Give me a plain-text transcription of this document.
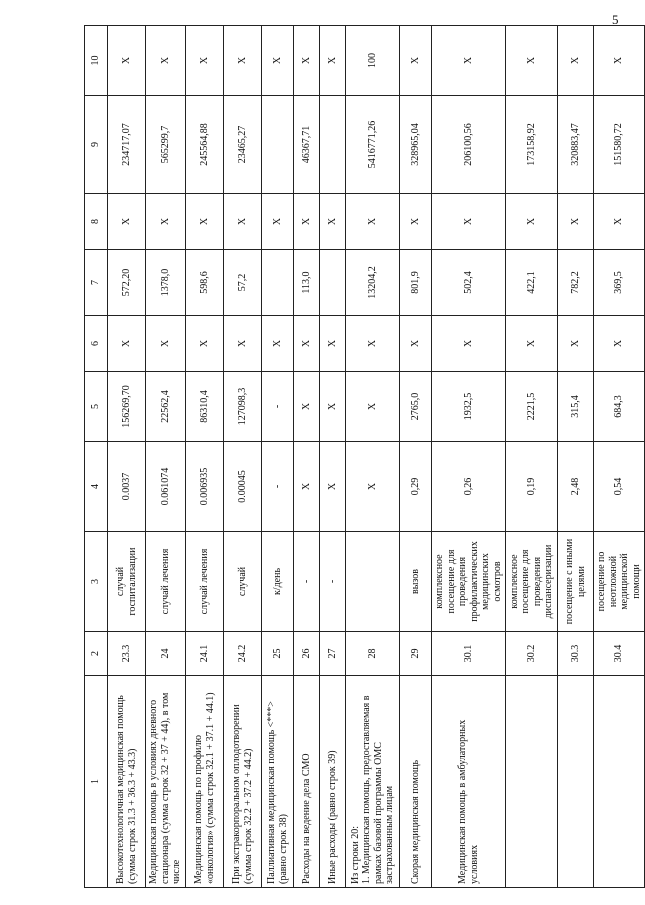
5
1	2	3	4	5	6	7	8	9	10
Высокотехнологичная медицинская помощь (сумма строк 31.3 + 36.3 + 43.3)	23.3	случай госпитализации	0.0037	156269,70	X	572,20	X	234717,07	X
Медицинская помощь в условиях дневного стационара (сумма строк 32 + 37 + 44), в том числе	24	случай лечения	0.061074	22562,4	X	1378,0	X	565299,7	X
Медицинская помощь по профилю «онкология» (сумма строк 32.1 + 37.1 + 44.1)	24.1	случай лечения	0.006935	86310,4	X	598,6	X	245564,88	X
При экстракорпоральном оплодотворении (сумма строк 32.2 + 37.2 + 44.2)	24.2	случай	0.00045	127098,3	X	57,2	X	23465,27	X
Паллиативная медицинская помощь <***> (равно строк 38)	25	к/день	-	-	X		X		X
Расходы на ведение дела СМО	26	-	X	X	X	113,0	X	46367,71	X
Иные расходы (равно строк 39)	27	-	X	X	X		X		X
Из строки 20:
1. Медицинская помощь, предоставляемая в рамках базовой программы ОМС застрахованным лицам	28		X	X	X	13204,2	X	5416771,26	100
Скорая медицинская помощь	29	вызов	0,29	2765,0	X	801,9	X	328965,04	X
Медицинская помощь в амбулаторных условиях	30.1	комплексное посещение для проведения профилактических медицинских осмотров	0,26	1932,5	X	502,4	X	206100,56	X
	30.2	комплексное посещение для проведения диспансеризации	0,19	2221,5	X	422,1	X	173158,92	X
	30.3	посещение с иными целями	2,48	315,4	X	782,2	X	320883,47	X
	30.4	посещение по неотложной медицинской помощи	0,54	684,3	X	369,5	X	151580,72	X
